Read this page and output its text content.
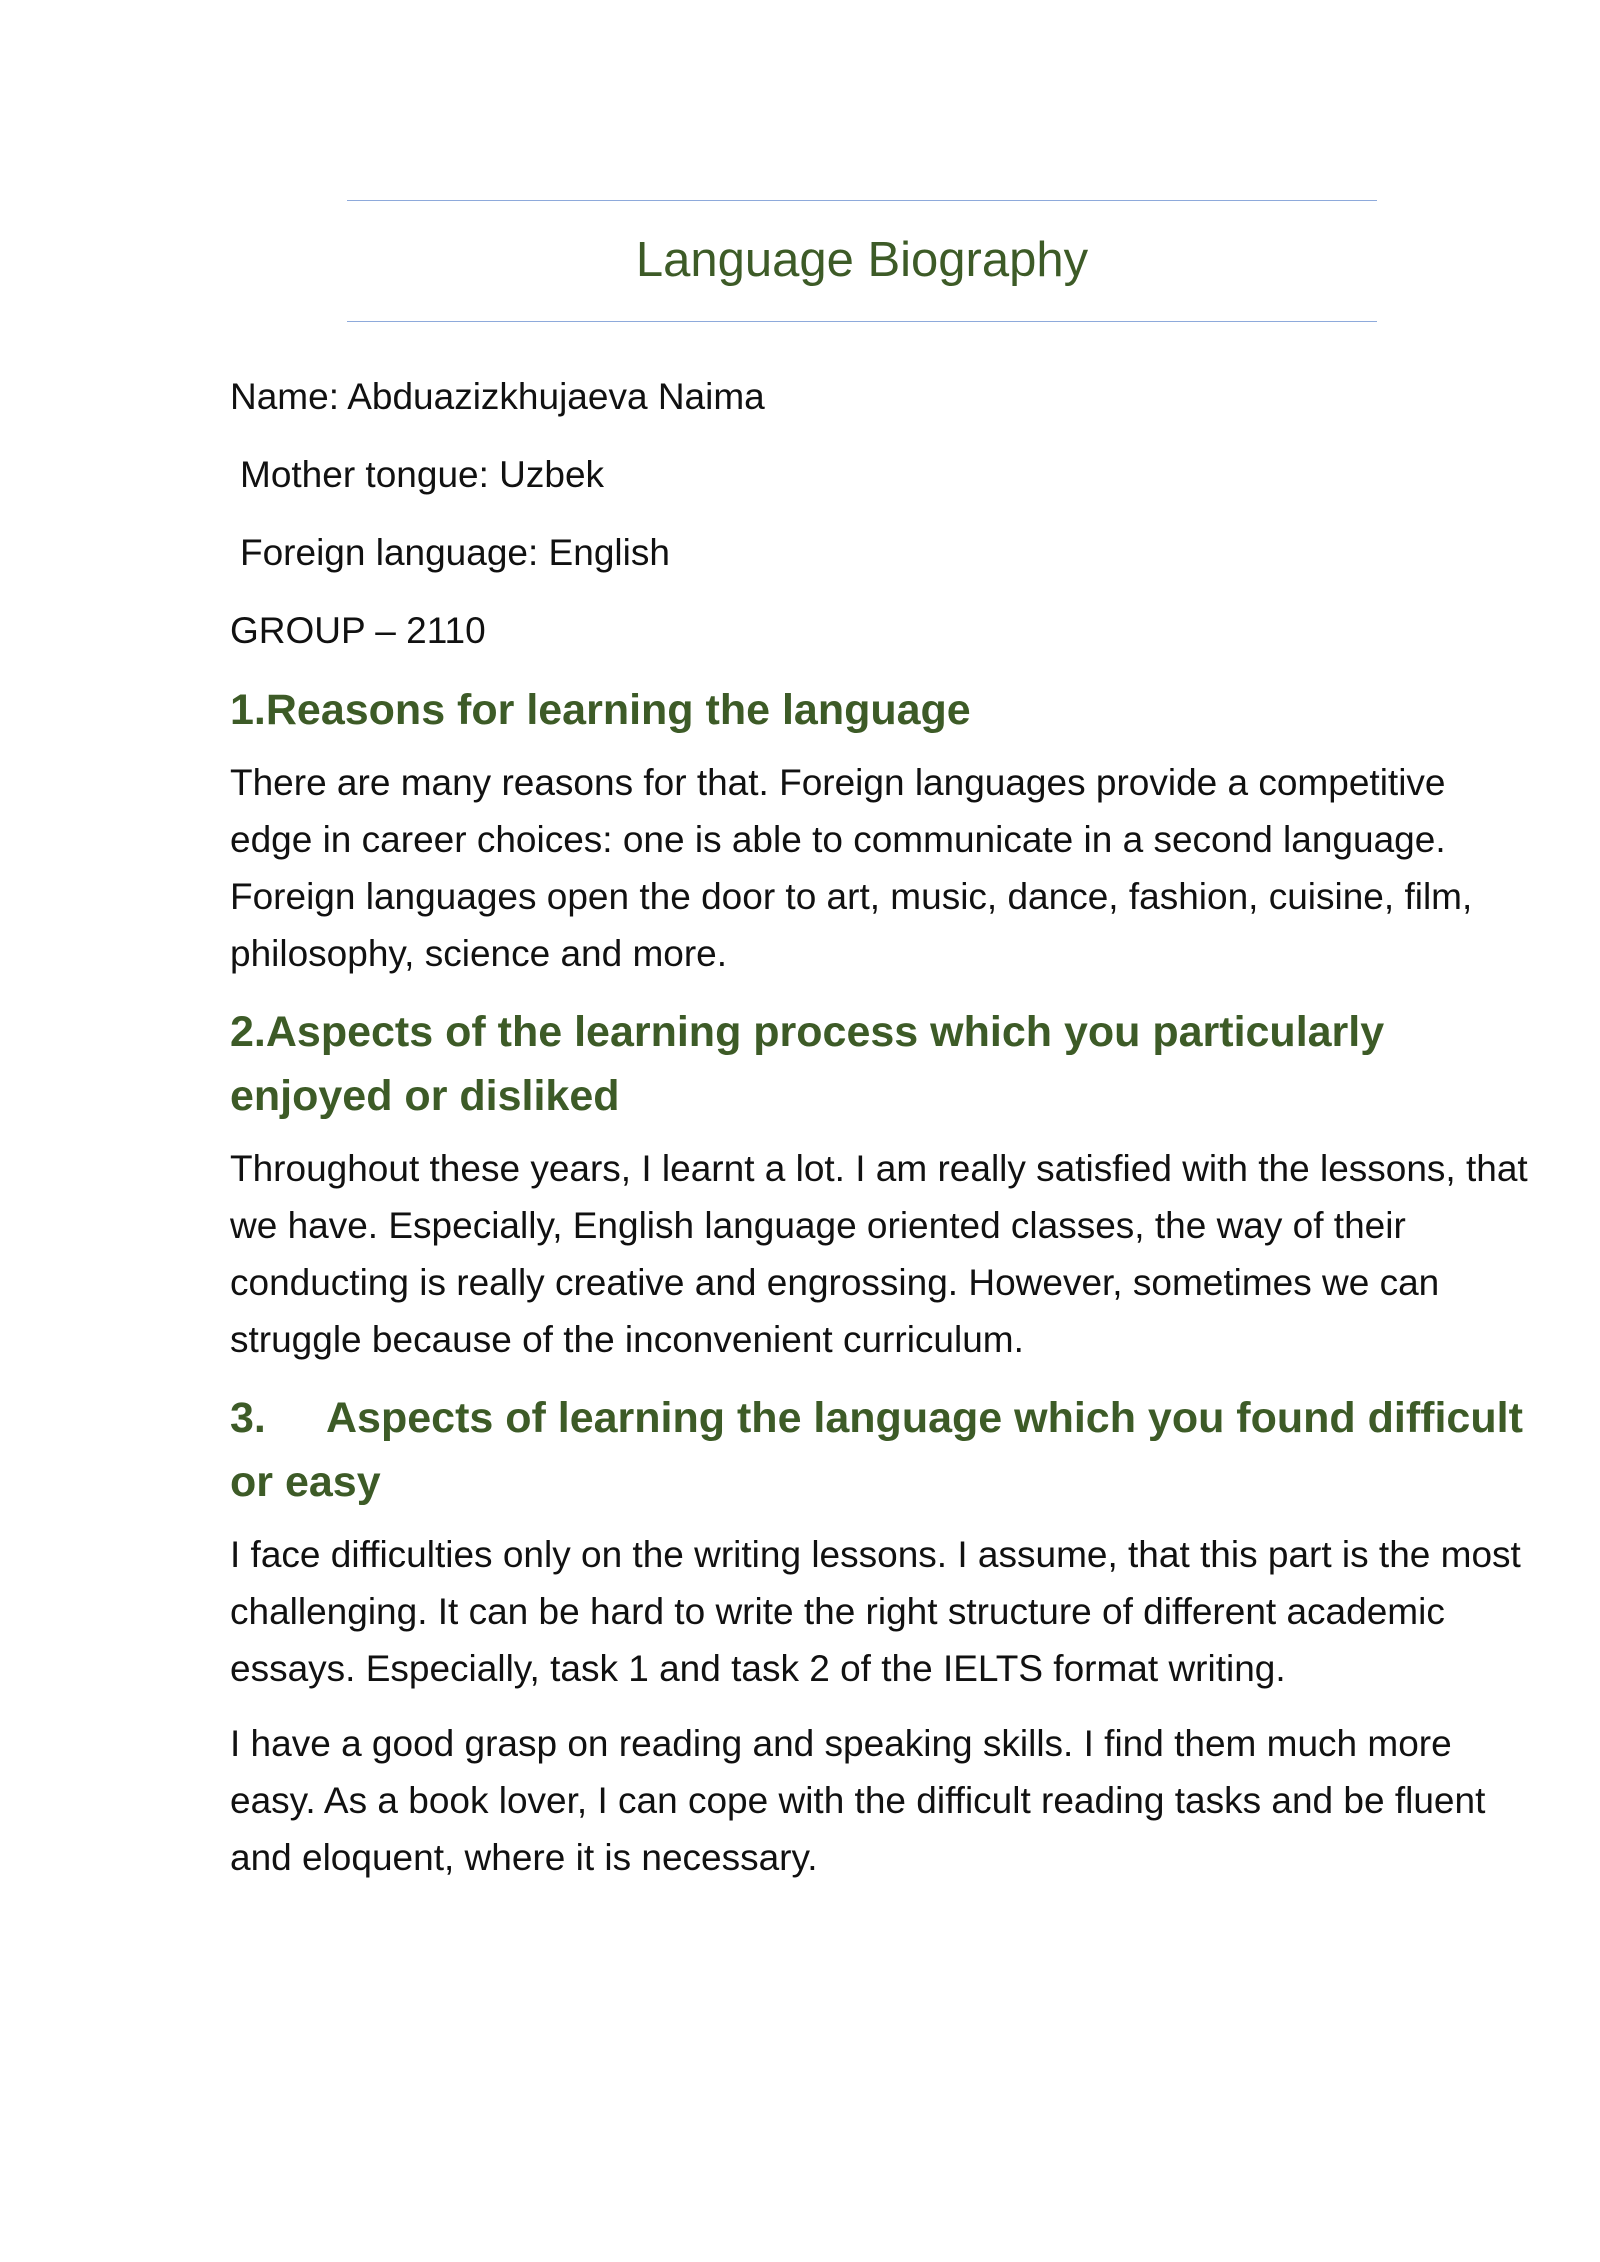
Language Biography

Name: Abduazizkhujaeva Naima

Mother tongue: Uzbek

Foreign language: English

GROUP – 2110

1.Reasons for learning the language

There are many reasons for that. Foreign languages provide a competitive edge in career choices: one is able to communicate in a second language. Foreign languages open the door to art, music, dance, fashion, cuisine, film, philosophy, science and more.

2.Aspects of the learning process which you particularly enjoyed or disliked

Throughout these years, I learnt a lot. I am really satisfied with the lessons, that we have. Especially, English language oriented classes, the way of their conducting is really creative and engrossing. However, sometimes we can struggle because of the inconvenient curriculum.

3. Aspects of learning the language which you found difficult or easy

I face difficulties only on the writing lessons. I assume, that this part is the most challenging. It can be hard to write the right structure of different academic essays. Especially, task 1 and task 2 of the IELTS format writing.

I have a good grasp on reading and speaking skills. I find them much more easy. As a book lover, I can cope with the difficult reading tasks and be fluent and eloquent, where it is necessary.
